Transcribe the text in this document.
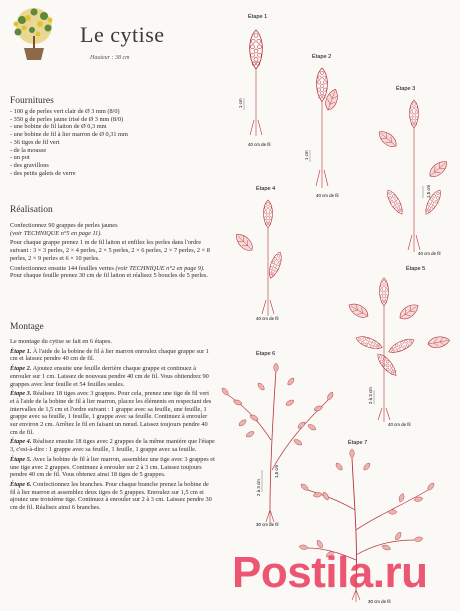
Le cytise
Hauteur : 38 cm
Fournitures
- 100 g de perles vert clair de Ø 3 mm (8/0)
- 350 g de perles jaune irisé de Ø 3 mm (8/0)
- une bobine de fil laiton de Ø 0,3 mm
- une bobine de fil à lier marron de Ø 0,31 mm
- 36 tiges de fil vert
- de la mousse
- un pot
- des gravillons
- des petits galets de verre
Réalisation

Confectionnez 90 grappes de perles jaunes
(voir TECHNIQUE n°5 en page 11).

Pour chaque grappe prenez 1 m de fil laiton et enfilez les perles dans l'ordre suivant : 3 × 3 perles, 2 × 4 perles, 2 × 5 perles, 2 × 6 perles, 2 × 7 perles, 2 × 8 perles, 2 × 9 perles et 6 × 10 perles.

Confectionnez ensuite 144 feuilles vertes (voir TECHNIQUE n°2 en page 9). Pour chaque feuille prenez 30 cm de fil laiton et réalisez 5 boucles de 5 perles.

Montage

Le montage du cytise se fait en 6 étapes.

Étape 1. À l'aide de la bobine de fil à lier marron enroulez chaque grappe sur 1 cm et laissez pendre 40 cm de fil.

Étape 2. Ajoutez ensuite une feuille derrière chaque grappe et continuez à enrouler sur 1 cm. Laissez de nouveau pendre 40 cm de fil. Vous obtiendrez 90 grappes avec leur feuille et 54 feuilles seules.

Étape 3. Réalisez 18 tiges avec 3 grappes. Pour cela, prenez une tige de fil vert et à l'aide de la bobine de fil à lier marron, placez les éléments en respectant des intervalles de 1,5 cm et l'ordre suivant : 1 grappe avec sa feuille, une feuille, 1 grappe avec sa feuille, 1 feuille, 1 grappe avec sa feuille. Continuez à enrouler sur environ 2 cm. Arrêtez le fil en faisant un nœud. Laissez toujours pendre 40 cm de fil.

Étape 4. Réalisez ensuite 18 tiges avec 2 grappes de la même manière que l'étape 3, c'est-à-dire : 1 grappe avec sa feuille, 1 feuille, 1 grappe avec sa feuille.

Étape 5. Avec la bobine de fil à lier marron, assemblez une tige avec 3 grappes et une tige avec 2 grappes. Continuez à enrouler sur 2 à 3 cm. Laissez toujours pendre 40 cm de fil. Vous obtenez ainsi 18 tiges de 5 grappes.

Étape 6. Confectionnez les branches. Pour chaque branche prenez la bobine de fil à lier marron et assemblez deux tiges de 5 grappes. Enroulez sur 1,5 cm et ajoutez une troisième tige. Continuez à enrouler sur 2 à 3 cm. Laissez pendre 30 cm de fil. Réalisez ainsi 6 branches.

Étape 1
1 cm
40 cm de fil
Étape 2
1 cm
40 cm de fil
Étape 3
1,5 cm
40 cm de fil
Étape 4
40 cm de fil
Étape 5
2 à 3 cm
40 cm de fil
Étape 6
2 à 3 cm
1,5 cm
30 cm de fil
Étape 7
30 cm de fil
Postila.ru
